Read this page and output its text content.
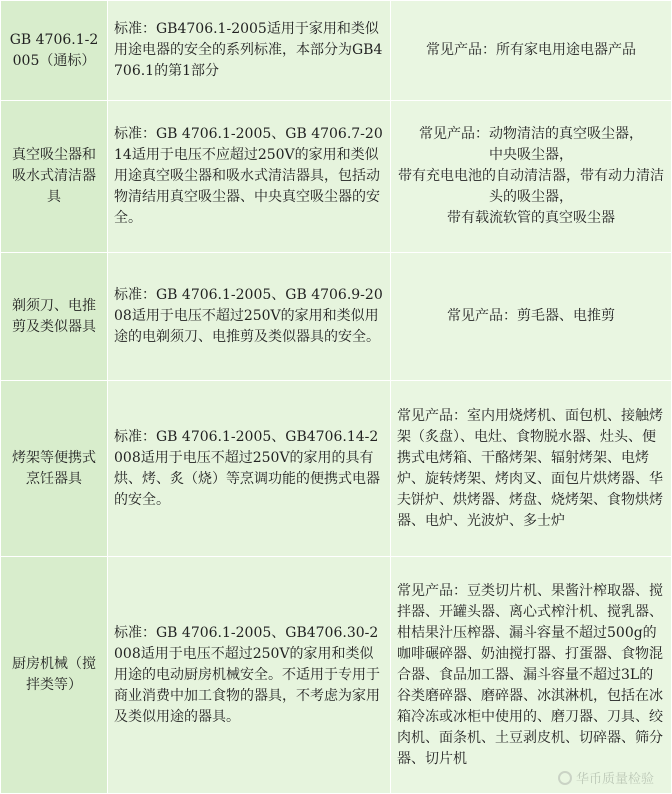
GB 4706.1-2005（通标）	标准：GB4706.1-2005适用于家用和类似用途电器的安全的系列标准，本部分为GB4706.1的第1部分	常见产品：所有家电用途电器产品

真空吸尘器和吸水式清洁器具	标准：GB 4706.1-2005、GB 4706.7-2014适用于电压不应超过250V的家用和类似用途真空吸尘器和吸水式清洁器具，包括动物清结用真空吸尘器、中央真空吸尘器的安全。	常见产品：动物清洁的真空吸尘器，
中央吸尘器，
带有充电电池的自动清洁器，带有动力清洁头的吸尘器，
带有载流软管的真空吸尘器

剃须刀、电推剪及类似器具	标准：GB 4706.1-2005、GB 4706.9-2008适用于电压不超过250V的家用和类似用途的电剃须刀、电推剪及类似器具的安全。	常见产品：剪毛器、电推剪

烤架等便携式烹饪器具	标准：GB 4706.1-2005、GB4706.14-2008适用于电压不超过250V的家用的具有烘、烤、炙（烧）等烹调功能的便携式电器的安全。	常见产品：室内用烧烤机、面包机、接触烤架（炙盘）、电灶、食物脱水器、灶头、便携式电烤箱、干酪烤架、辐射烤架、电烤炉、旋转烤架、烤肉叉、面包片烘烤器、华夫饼炉、烘烤器、烤盘、烧烤架、食物烘烤器、电炉、光波炉、多士炉

厨房机械（搅拌类等）	标准：GB 4706.1-2005、GB4706.30-2008适用于电压不超过250V的家用和类似用途的电动厨房机械安全。不适用于专用于商业消费中加工食物的器具，不考虑为家用及类似用途的器具。	常见产品：豆类切片机、果酱汁榨取器、搅拌器、开罐头器、离心式榨汁机、搅乳器、柑桔果汁压榨器、漏斗容量不超过500g的咖啡碾碎器、奶油搅打器、打蛋器、食物混合器、食品加工器、漏斗容量不超过3L的谷类磨碎器、磨碎器、冰淇淋机，包括在冰箱冷冻或冰柜中使用的、磨刀器、刀具、绞肉机、面条机、土豆剥皮机、切碎器、筛分器、切片机
华币质量检验
